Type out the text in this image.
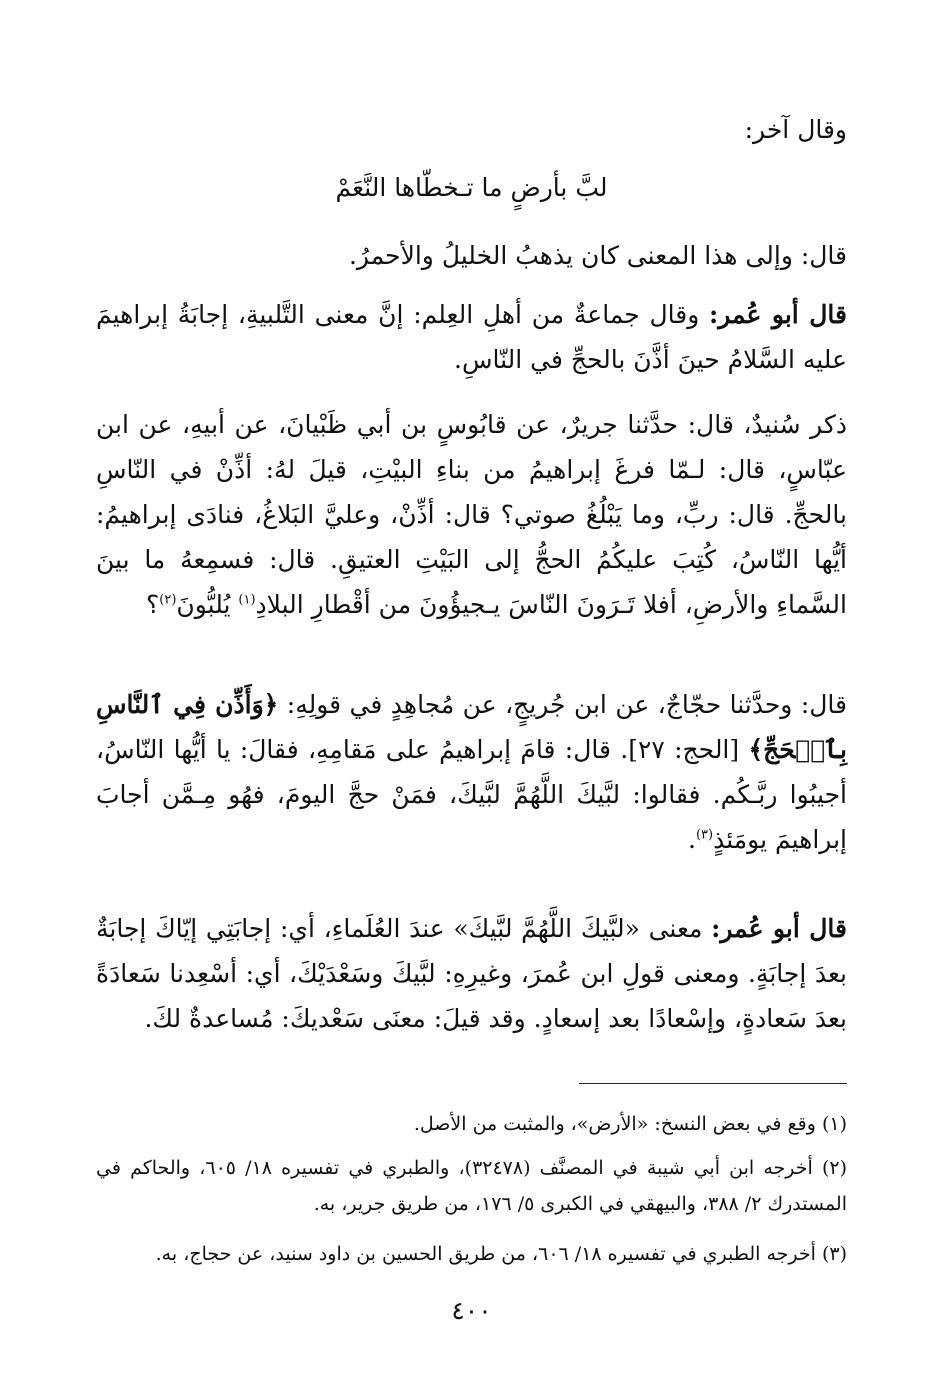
وقال آخر:

لبَّ بأرضٍ ما تـخطّاها النَّعَمْ

قال: وإلى هذا المعنى كان يذهبُ الخليلُ والأحمرُ.

قال أبو عُمر: وقال جماعةٌ من أهلِ العِلم: إنَّ معنى التَّلبيةِ، إجابَةُ إبراهيمَ عليه السَّلامُ حينَ أذَّنَ بالحجِّ في النّاسِ.

ذكر سُنيدٌ، قال: حدَّثنا جريرٌ، عن قابُوسٍ بن أبي ظَبْيانَ، عن أبيهِ، عن ابن عبّاسٍ، قال: لـمّا فرغَ إبراهيمُ من بناءِ البيْتِ، قيلَ لهُ: أذِّنْ في النّاسِ بالحجِّ. قال: ربِّ، وما يَبْلُغُ صوتي؟ قال: أذِّنْ، وعليَّ البَلاغُ، فنادَى إبراهيمُ: أيُّها النّاسُ، كُتِبَ عليكُمُ الحجُّ إلى البَيْتِ العتيقِ. قال: فسمِعهُ ما بينَ السَّماءِ والأرضِ، أفلا تَـرَونَ النّاسَ يـجيؤُونَ من أقْطارِ البلادِ$^{(١)}$ يُلبُّونَ$^{(٢)}$؟

قال: وحدَّثنا حجّاجٌ، عن ابن جُريجٍ، عن مُجاهِدٍ في قولِهِ: ﴿وَأَذِّن فِي ٱلنَّاسِ بِٱلۡحَجِّ﴾ [الحج: ٢٧]. قال: قامَ إبراهيمُ على مَقامِهِ، فقالَ: يا أيُّها النّاسُ، أجيبُوا ربَّـكُم. فقالوا: لبَّيكَ اللَّهُمَّ لبَّيكَ، فمَنْ حجَّ اليومَ، فهُو مِـمَّن أجابَ إبراهيمَ يومَئذٍ$^{(٣)}$.

قال أبو عُمر: معنى «لبَّيكَ اللَّهُمَّ لبَّيكَ» عندَ العُلَماءِ، أي: إجابَتِي إيّاكَ إجابَةٌ بعدَ إجابَةٍ. ومعنى قولِ ابن عُمرَ، وغيرِهِ: لبَّيكَ وسَعْدَيْكَ، أي: أسْعِدنا سَعادَةً بعدَ سَعادةٍ، وإسْعادًا بعد إسعادٍ. وقد قيلَ: معنَى سَعْديكَ: مُساعدةٌ لكَ.

(١) وقع في بعض النسخ: «الأرض»، والمثبت من الأصل.

(٢) أخرجه ابن أبي شيبة في المصنَّف (٣٢٤٧٨)، والطبري في تفسيره ١٨/ ٦٠٥، والحاكم في المستدرك ٢/ ٣٨٨، والبيهقي في الكبرى ٥/ ١٧٦، من طريق جرير، به.

(٣) أخرجه الطبري في تفسيره ١٨/ ٦٠٦، من طريق الحسين بن داود سنيد، عن حجاج، به.

٤٠٠
